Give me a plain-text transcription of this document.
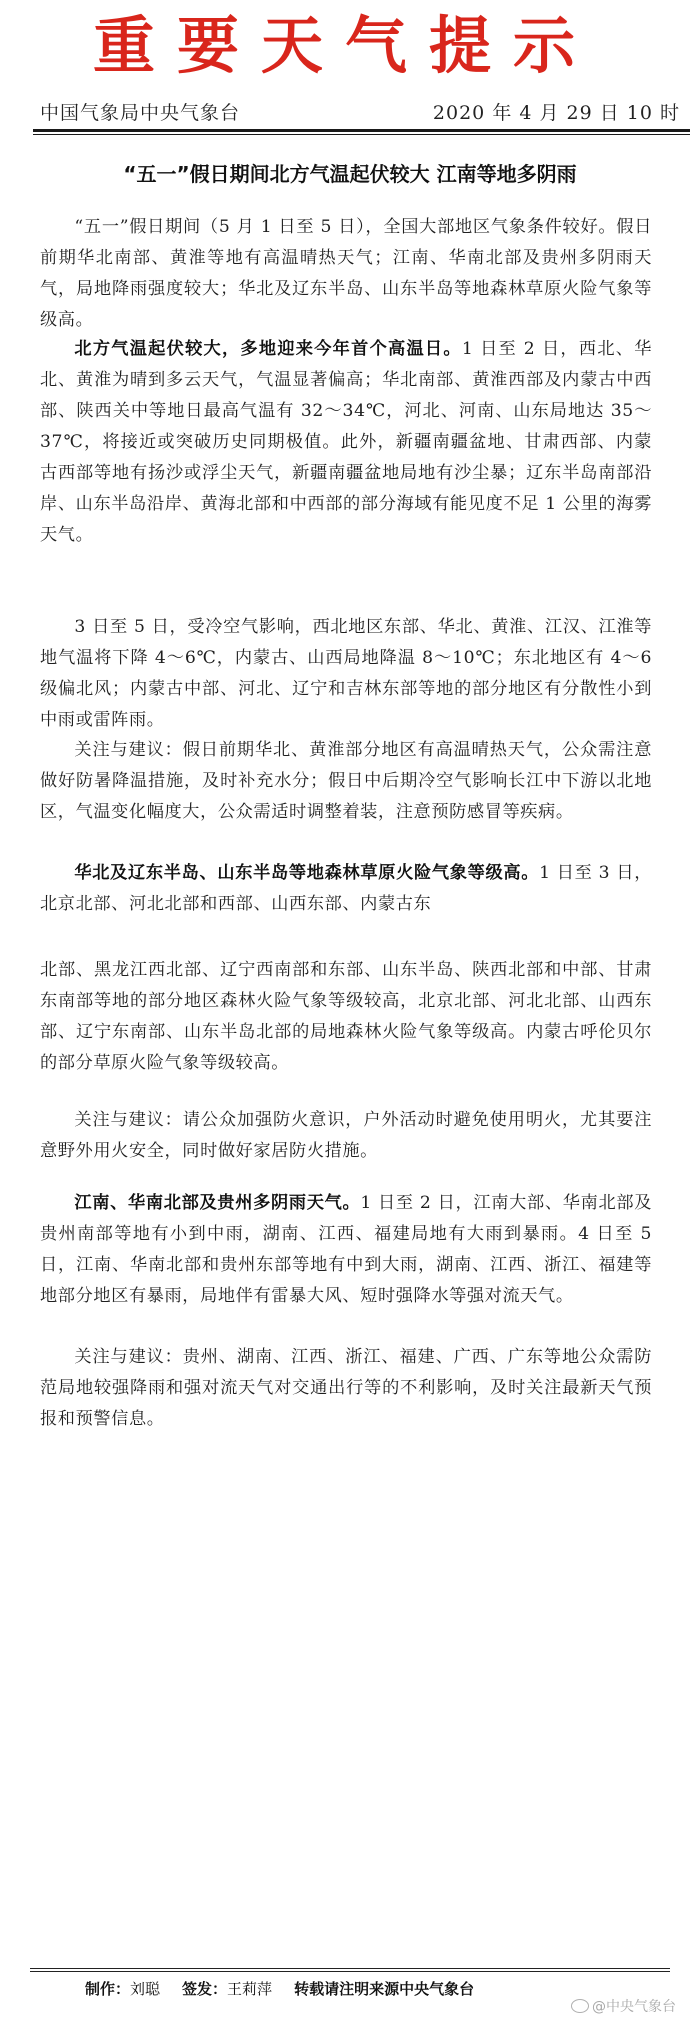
重要天气提示
中国气象局中央气象台	2020 年 4 月 29 日 10 时
“五一”假日期间北方气温起伏较大 江南等地多阴雨

“五一”假日期间（5 月 1 日至 5 日），全国大部地区气象条件较好。假日前期华北南部、黄淮等地有高温晴热天气；江南、华南北部及贵州多阴雨天气，局地降雨强度较大；华北及辽东半岛、山东半岛等地森林草原火险气象等级高。

北方气温起伏较大，多地迎来今年首个高温日。1 日至 2 日，西北、华北、黄淮为晴到多云天气，气温显著偏高；华北南部、黄淮西部及内蒙古中西部、陕西关中等地日最高气温有 32～34℃，河北、河南、山东局地达 35～37℃，将接近或突破历史同期极值。此外，新疆南疆盆地、甘肃西部、内蒙古西部等地有扬沙或浮尘天气，新疆南疆盆地局地有沙尘暴；辽东半岛南部沿岸、山东半岛沿岸、黄海北部和中西部的部分海域有能见度不足 1 公里的海雾天气。

3 日至 5 日，受冷空气影响，西北地区东部、华北、黄淮、江汉、江淮等地气温将下降 4～6℃，内蒙古、山西局地降温 8～10℃；东北地区有 4～6 级偏北风；内蒙古中部、河北、辽宁和吉林东部等地的部分地区有分散性小到中雨或雷阵雨。

关注与建议：假日前期华北、黄淮部分地区有高温晴热天气，公众需注意做好防暑降温措施，及时补充水分；假日中后期冷空气影响长江中下游以北地区，气温变化幅度大，公众需适时调整着装，注意预防感冒等疾病。

华北及辽东半岛、山东半岛等地森林草原火险气象等级高。1 日至 3 日，北京北部、河北北部和西部、山西东部、内蒙古东

北部、黑龙江西北部、辽宁西南部和东部、山东半岛、陕西北部和中部、甘肃东南部等地的部分地区森林火险气象等级较高，北京北部、河北北部、山西东部、辽宁东南部、山东半岛北部的局地森林火险气象等级高。内蒙古呼伦贝尔的部分草原火险气象等级较高。

关注与建议：请公众加强防火意识，户外活动时避免使用明火，尤其要注意野外用火安全，同时做好家居防火措施。

江南、华南北部及贵州多阴雨天气。1 日至 2 日，江南大部、华南北部及贵州南部等地有小到中雨，湖南、江西、福建局地有大雨到暴雨。4 日至 5 日，江南、华南北部和贵州东部等地有中到大雨，湖南、江西、浙江、福建等地部分地区有暴雨，局地伴有雷暴大风、短时强降水等强对流天气。

关注与建议：贵州、湖南、江西、浙江、福建、广西、广东等地公众需防范局地较强降雨和强对流天气对交通出行等的不利影响，及时关注最新天气预报和预警信息。

制作：刘聪 签发：王莉萍 转载请注明来源中央气象台
@中央气象台
